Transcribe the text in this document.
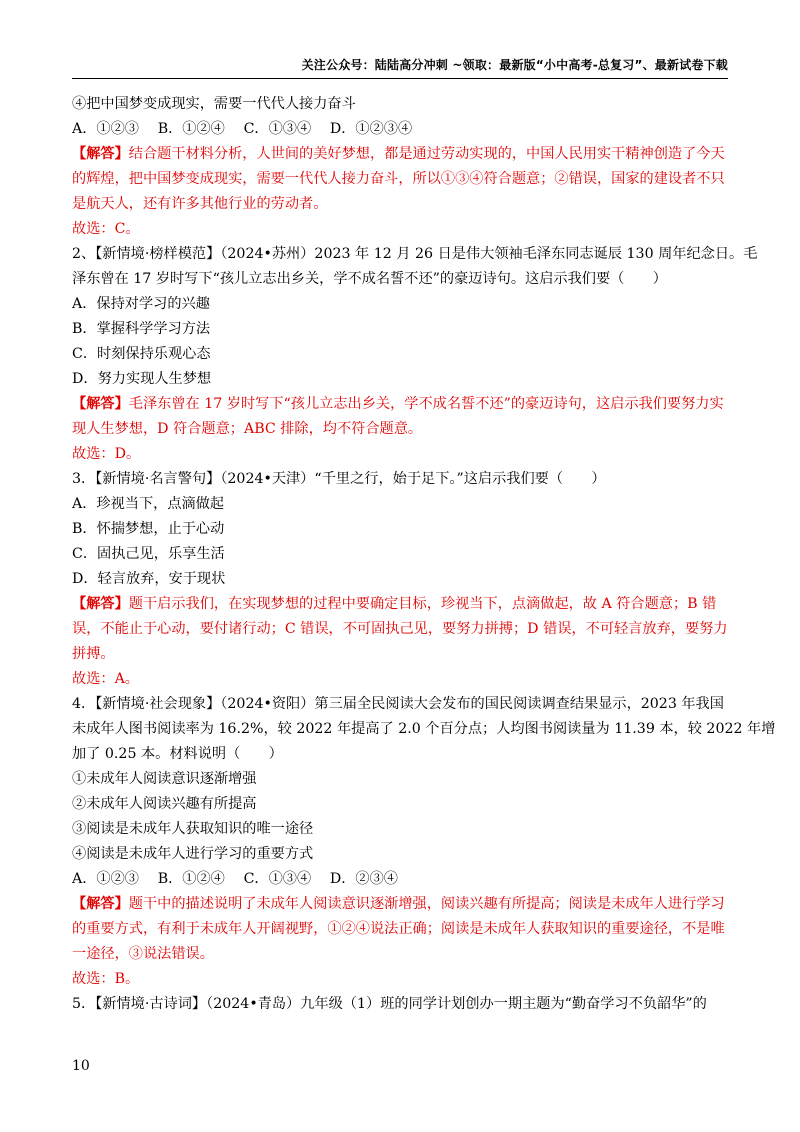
关注公众号：陆陆高分冲刺 ~领取：最新版“小中高考-总复习”、最新试卷下载
④把中国梦变成现实，需要一代代人接力奋斗
A．①②③　 B．①②④　 C．①③④　 D．①②③④
【解答】结合题干材料分析，人世间的美好梦想，都是通过劳动实现的，中国人民用实干精神创造了今天
的辉煌，把中国梦变成现实，需要一代代人接力奋斗，所以①③④符合题意；②错误，国家的建设者不只
是航天人，还有许多其他行业的劳动者。
故选：C。
2、【新情境·榜样模范】（2024•苏州）2023 年 12 月 26 日是伟大领袖毛泽东同志诞辰 130 周年纪念日。毛
泽东曾在 17 岁时写下“孩儿立志出乡关，学不成名誓不还”的豪迈诗句。这启示我们要（　　）
A．保持对学习的兴趣
B．掌握科学学习方法
C．时刻保持乐观心态
D．努力实现人生梦想
【解答】毛泽东曾在 17 岁时写下“孩儿立志出乡关，学不成名誓不还”的豪迈诗句，这启示我们要努力实
现人生梦想，D 符合题意；ABC 排除，均不符合题意。
故选：D。
3．【新情境·名言警句】（2024•天津）“千里之行，始于足下。”这启示我们要（　　）
A．珍视当下，点滴做起
B．怀揣梦想，止于心动
C．固执己见，乐享生活
D．轻言放弃，安于现状
【解答】题干启示我们，在实现梦想的过程中要确定目标，珍视当下，点滴做起，故 A 符合题意；B 错
误，不能止于心动，要付诸行动；C 错误，不可固执己见，要努力拼搏；D 错误，不可轻言放弃，要努力
拼搏。
故选：A。
4．【新情境·社会现象】（2024•资阳）第三届全民阅读大会发布的国民阅读调查结果显示，2023 年我国
未成年人图书阅读率为 16.2%，较 2022 年提高了 2.0 个百分点；人均图书阅读量为 11.39 本，较 2022 年增
加了 0.25 本。材料说明（　　）
①未成年人阅读意识逐渐增强
②未成年人阅读兴趣有所提高
③阅读是未成年人获取知识的唯一途径
④阅读是未成年人进行学习的重要方式
A．①②③　 B．①②④　 C．①③④　 D．②③④
【解答】题干中的描述说明了未成年人阅读意识逐渐增强，阅读兴趣有所提高；阅读是未成年人进行学习
的重要方式，有利于未成年人开阔视野，①②④说法正确；阅读是未成年人获取知识的重要途径，不是唯
一途径，③说法错误。
故选：B。
5．【新情境·古诗词】（2024•青岛）九年级（1）班的同学计划创办一期主题为“勤奋学习不负韶华”的
10
